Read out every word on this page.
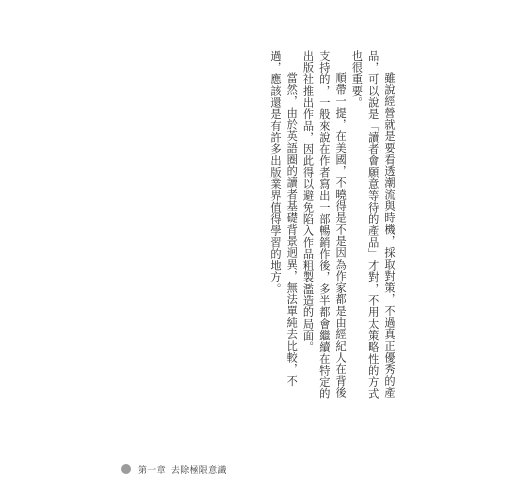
雖說經營就是要看透潮流與時機，採取對策，不過真正優秀的產品，可以說是「讀者會願意等待的產品」才對，不用太策略性的方式也很重要。

順帶一提，在美國，不曉得是不是因為作家都是由經紀人在背後支持的，一般來說在作者寫出一部暢銷作後，多半都會繼續在特定的出版社推出作品，因此得以避免陷入作品粗製濫造的局面。

當然，由於英語圈的讀者基礎背景迥異，無法單純去比較，不過，應該還是有許多出版業界值得學習的地方。

第一章 去除極限意識
